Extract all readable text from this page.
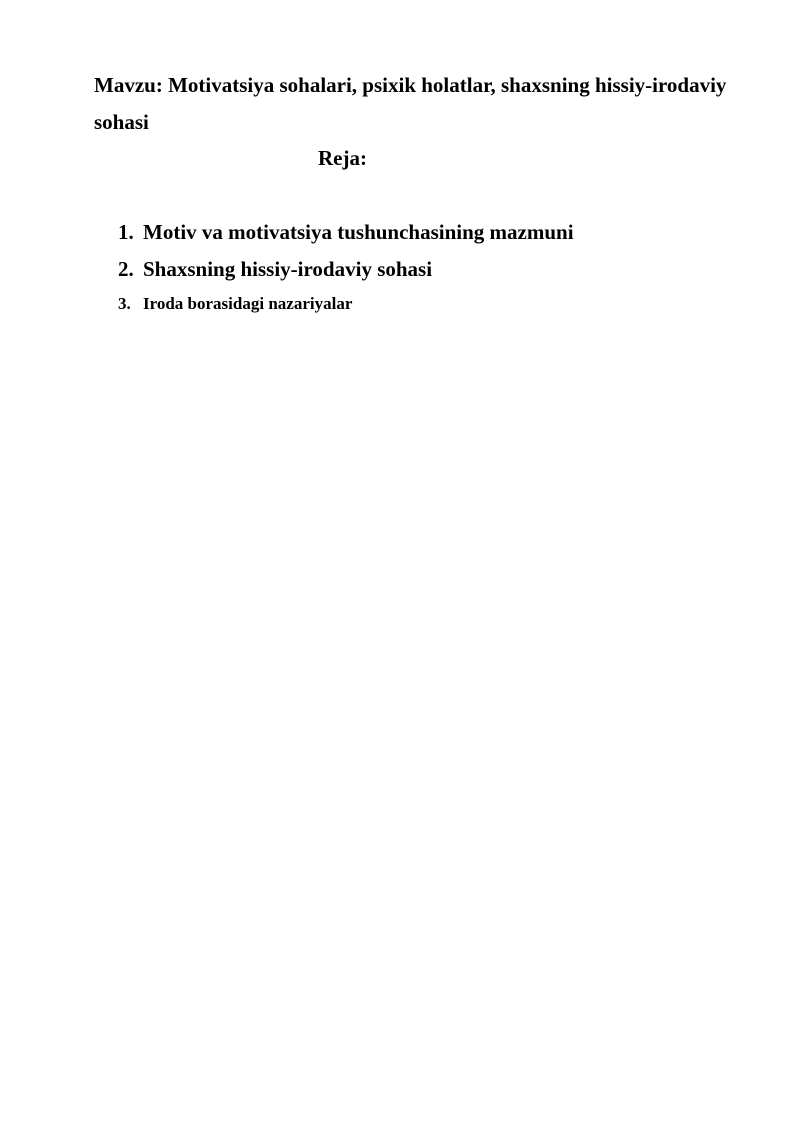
Mavzu: Motivatsiya sohalari, psixik holatlar, shaxsning hissiy-irodaviy sohasi

Reja:

1. Motiv va motivatsiya tushunchasining mazmuni
2. Shaxsning hissiy-irodaviy sohasi
3. Iroda borasidagi nazariyalar
